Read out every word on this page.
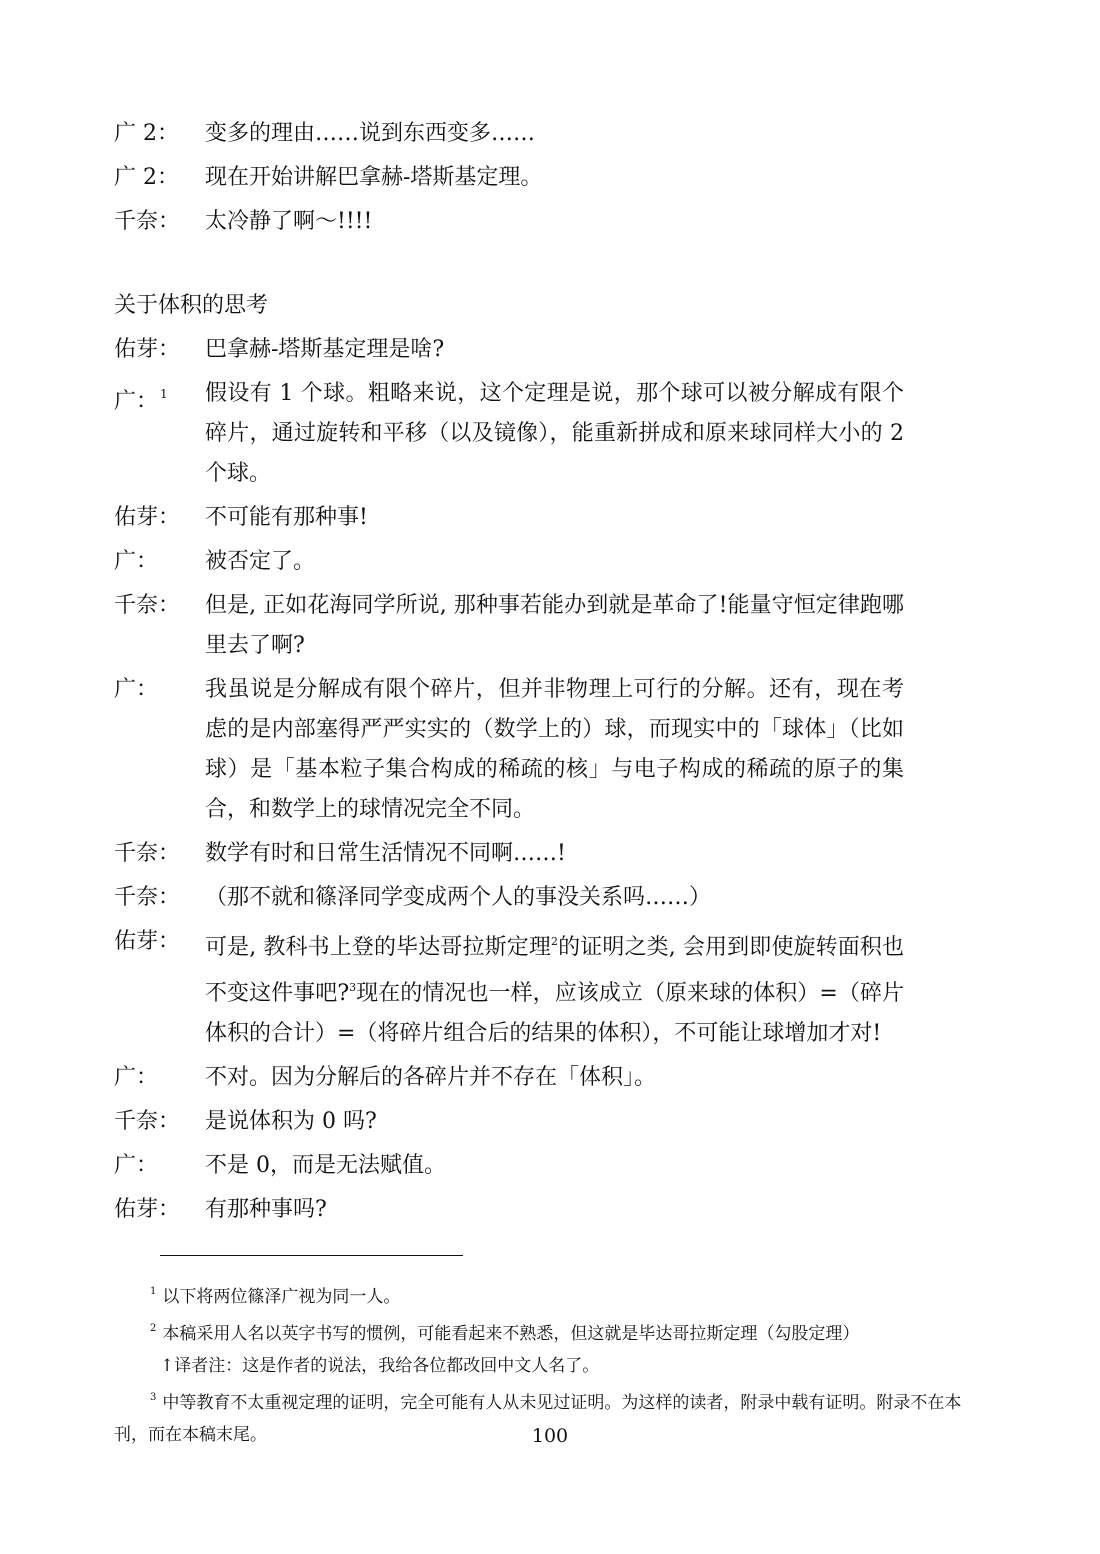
广 2：	变多的理由……说到东西变多……
广 2：	现在开始讲解巴拿赫-塔斯基定理。
千奈：	太冷静了啊～!!!!
关于体积的思考
佑芽：	巴拿赫-塔斯基定理是啥?
广： $^1$	假设有 1 个球。粗略来说，这个定理是说，那个球可以被分解成有限个碎片，通过旋转和平移（以及镜像），能重新拼成和原来球同样大小的 2 个球。
佑芽：	不可能有那种事!
广：	被否定了。
千奈：	但是, 正如花海同学所说, 那种事若能办到就是革命了!能量守恒定律跑哪里去了啊?
广：	我虽说是分解成有限个碎片，但并非物理上可行的分解。还有，现在考虑的是内部塞得严严实实的（数学上的）球，而现实中的「球体」（比如球）是「基本粒子集合构成的稀疏的核」与电子构成的稀疏的原子的集合，和数学上的球情况完全不同。
千奈：	数学有时和日常生活情况不同啊……!
千奈：	（那不就和篠泽同学变成两个人的事没关系吗……）
佑芽：	可是, 教科书上登的毕达哥拉斯定理$^2$的证明之类, 会用到即使旋转面积也不变这件事吧?$^3$现在的情况也一样，应该成立（原来球的体积）=（碎片体积的合计）=（将碎片组合后的结果的体积），不可能让球增加才对!
广：	不对。因为分解后的各碎片并不存在「体积」。
千奈：	是说体积为 0 吗?
广：	不是 0，而是无法赋值。
佑芽：	有那种事吗?
$^1$ 以下将两位篠泽广视为同一人。
$^2$ 本稿采用人名以英字书写的惯例，可能看起来不熟悉，但这就是毕达哥拉斯定理（勾股定理）
↑译者注：这是作者的说法，我给各位都改回中文人名了。
$^3$ 中等教育不太重视定理的证明，完全可能有人从未见过证明。为这样的读者，附录中载有证明。附录不在本刊，而在本稿末尾。	100
